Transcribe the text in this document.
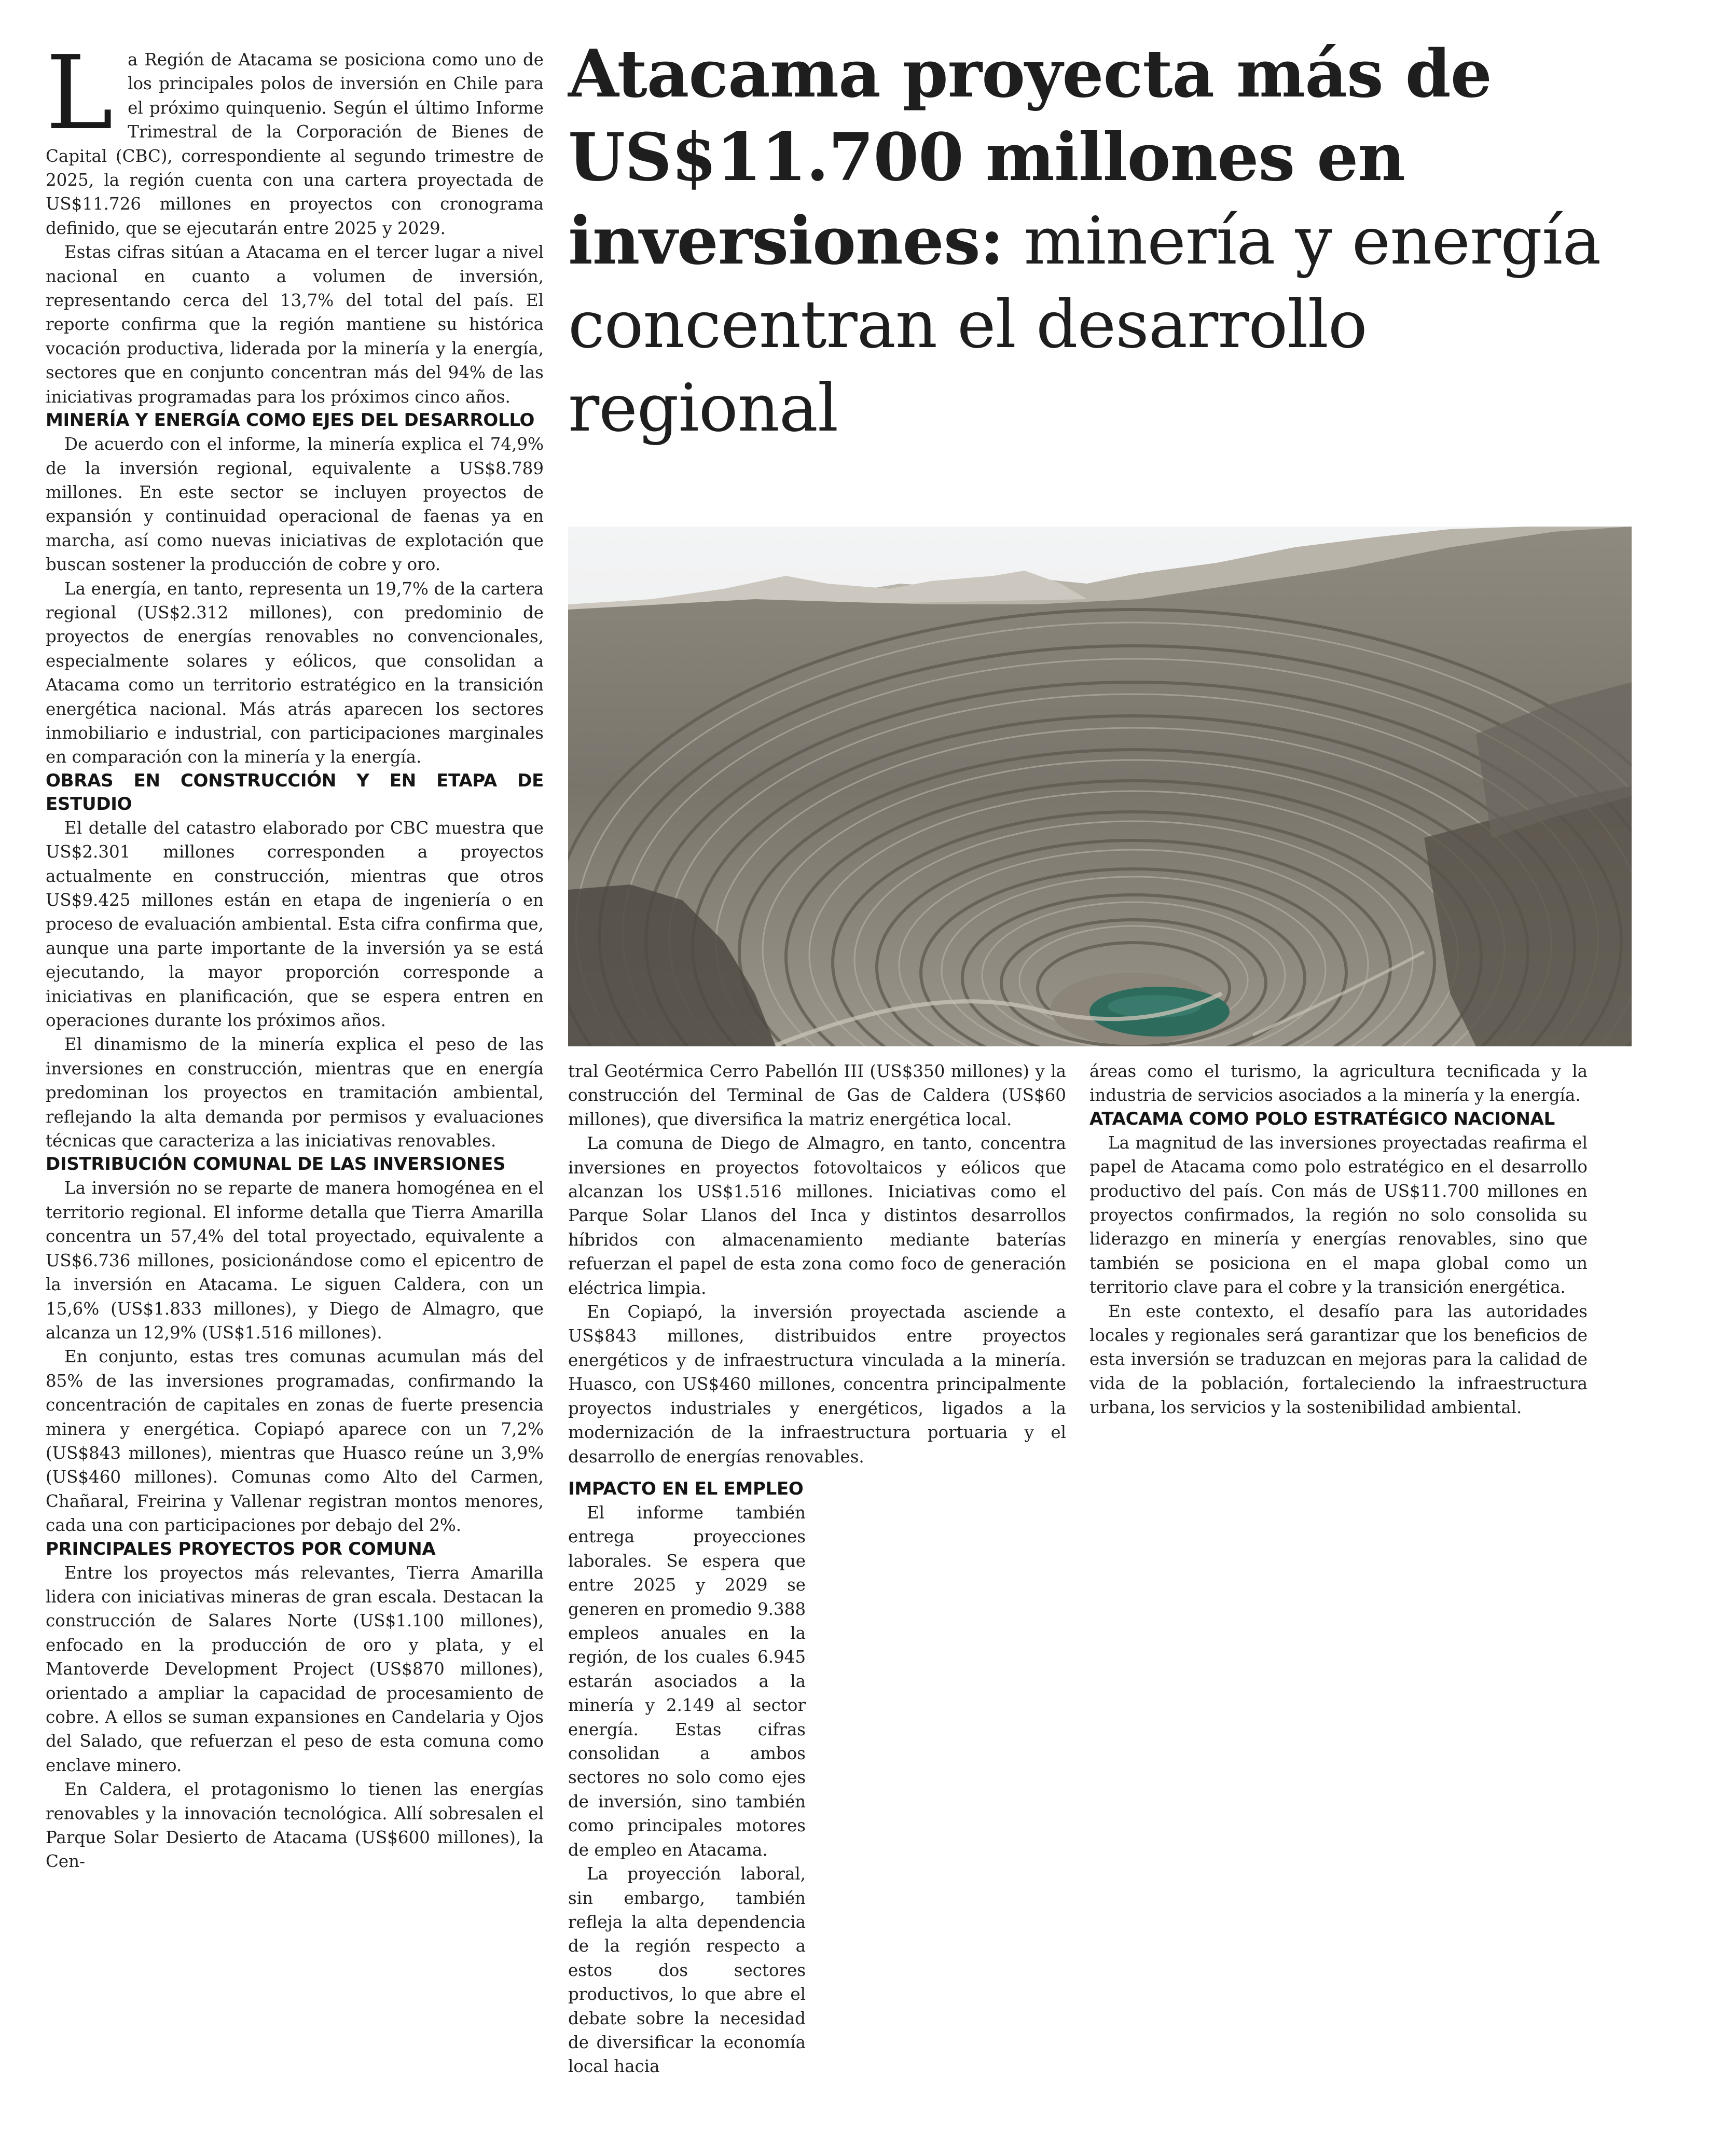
Atacama proyecta más de US$11.700 millones en inversiones: minería y energía concentran el desarrollo regional

La Región de Atacama se posiciona como uno de los principales polos de inversión en Chile para el próximo quinquenio. Según el último Informe Trimestral de la Corporación de Bienes de Capital (CBC), correspondiente al segundo trimestre de 2025, la región cuenta con una cartera proyectada de US$11.726 millones en proyectos con cronograma definido, que se ejecutarán entre 2025 y 2029.

Estas cifras sitúan a Atacama en el tercer lugar a nivel nacional en cuanto a volumen de inversión, representando cerca del 13,7% del total del país. El reporte confirma que la región mantiene su histórica vocación productiva, liderada por la minería y la energía, sectores que en conjunto concentran más del 94% de las iniciativas programadas para los próximos cinco años.

MINERÍA Y ENERGÍA COMO EJES DEL DESARROLLO

De acuerdo con el informe, la minería explica el 74,9% de la inversión regional, equivalente a US$8.789 millones. En este sector se incluyen proyectos de expansión y continuidad operacional de faenas ya en marcha, así como nuevas iniciativas de explotación que buscan sostener la producción de cobre y oro.

La energía, en tanto, representa un 19,7% de la cartera regional (US$2.312 millones), con predominio de proyectos de energías renovables no convencionales, especialmente solares y eólicos, que consolidan a Atacama como un territorio estratégico en la transición energética nacional. Más atrás aparecen los sectores inmobiliario e industrial, con participaciones marginales en comparación con la minería y la energía.

OBRAS EN CONSTRUCCIÓN Y EN ETAPA DE ESTUDIO

El detalle del catastro elaborado por CBC muestra que US$2.301 millones corresponden a proyectos actualmente en construcción, mientras que otros US$9.425 millones están en etapa de ingeniería o en proceso de evaluación ambiental. Esta cifra confirma que, aunque una parte importante de la inversión ya se está ejecutando, la mayor proporción corresponde a iniciativas en planificación, que se espera entren en operaciones durante los próximos años.

El dinamismo de la minería explica el peso de las inversiones en construcción, mientras que en energía predominan los proyectos en tramitación ambiental, reflejando la alta demanda por permisos y evaluaciones técnicas que caracteriza a las iniciativas renovables.

DISTRIBUCIÓN COMUNAL DE LAS INVERSIONES

La inversión no se reparte de manera homogénea en el territorio regional. El informe detalla que Tierra Amarilla concentra un 57,4% del total proyectado, equivalente a US$6.736 millones, posicionándose como el epicentro de la inversión en Atacama. Le siguen Caldera, con un 15,6% (US$1.833 millones), y Diego de Almagro, que alcanza un 12,9% (US$1.516 millones).

En conjunto, estas tres comunas acumulan más del 85% de las inversiones programadas, confirmando la concentración de capitales en zonas de fuerte presencia minera y energética. Copiapó aparece con un 7,2% (US$843 millones), mientras que Huasco reúne un 3,9% (US$460 millones). Comunas como Alto del Carmen, Chañaral, Freirina y Vallenar registran montos menores, cada una con participaciones por debajo del 2%.

PRINCIPALES PROYECTOS POR COMUNA

Entre los proyectos más relevantes, Tierra Amarilla lidera con iniciativas mineras de gran escala. Destacan la construcción de Salares Norte (US$1.100 millones), enfocado en la producción de oro y plata, y el Mantoverde Development Project (US$870 millones), orientado a ampliar la capacidad de procesamiento de cobre. A ellos se suman expansiones en Candelaria y Ojos del Salado, que refuerzan el peso de esta comuna como enclave minero.

En Caldera, el protagonismo lo tienen las energías renovables y la innovación tecnológica. Allí sobresalen el Parque Solar Desierto de Atacama (US$600 millones), la Cen-

tral Geotérmica Cerro Pabellón III (US$350 millones) y la construcción del Terminal de Gas de Caldera (US$60 millones), que diversifica la matriz energética local.

La comuna de Diego de Almagro, en tanto, concentra inversiones en proyectos fotovoltaicos y eólicos que alcanzan los US$1.516 millones. Iniciativas como el Parque Solar Llanos del Inca y distintos desarrollos híbridos con almacenamiento mediante baterías refuerzan el papel de esta zona como foco de generación eléctrica limpia.

En Copiapó, la inversión proyectada asciende a US$843 millones, distribuidos entre proyectos energéticos y de infraestructura vinculada a la minería. Huasco, con US$460 millones, concentra principalmente proyectos industriales y energéticos, ligados a la modernización de la infraestructura portuaria y el desarrollo de energías renovables.

IMPACTO EN EL EMPLEO

El informe también entrega proyecciones laborales. Se espera que entre 2025 y 2029 se generen en promedio 9.388 empleos anuales en la región, de los cuales 6.945 estarán asociados a la minería y 2.149 al sector energía. Estas cifras consolidan a ambos sectores no solo como ejes de inversión, sino también como principales motores de empleo en Atacama.

La proyección laboral, sin embargo, también refleja la alta dependencia de la región respecto a estos dos sectores productivos, lo que abre el debate sobre la necesidad de diversificar la economía local hacia

áreas como el turismo, la agricultura tecnificada y la industria de servicios asociados a la minería y la energía.

ATACAMA COMO POLO ESTRATÉGICO NACIONAL

La magnitud de las inversiones proyectadas reafirma el papel de Atacama como polo estratégico en el desarrollo productivo del país. Con más de US$11.700 millones en proyectos confirmados, la región no solo consolida su liderazgo en minería y energías renovables, sino que también se posiciona en el mapa global como un territorio clave para el cobre y la transición energética.

En este contexto, el desafío para las autoridades locales y regionales será garantizar que los beneficios de esta inversión se traduzcan en mejoras para la calidad de vida de la población, fortaleciendo la infraestructura urbana, los servicios y la sostenibilidad ambiental.
